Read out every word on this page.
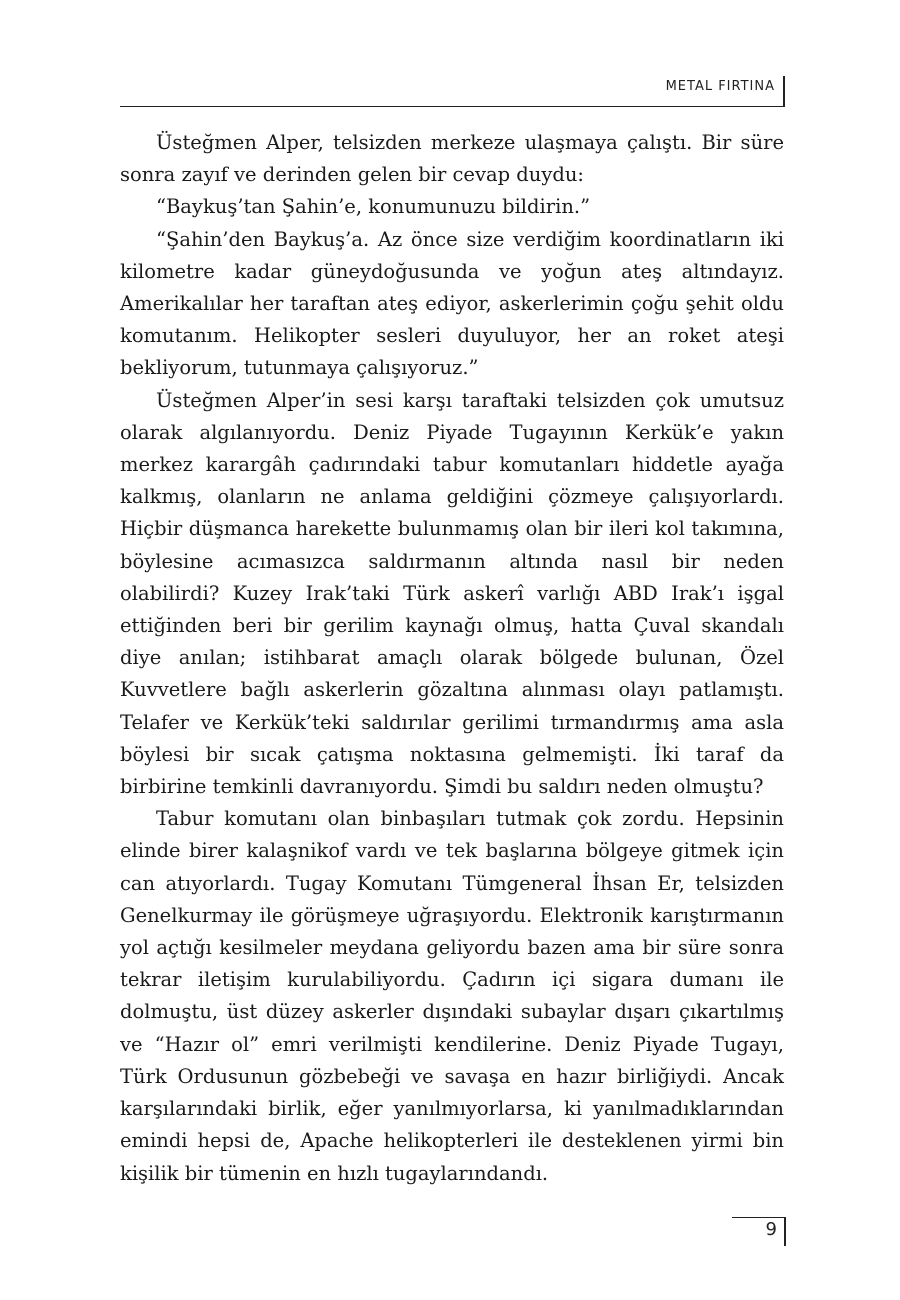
METAL FIRTINA

Üsteğmen Alper, telsizden merkeze ulaşmaya çalıştı. Bir süre sonra zayıf ve derinden gelen bir cevap duydu:

“Baykuş’tan Şahin’e, konumunuzu bildirin.”

“Şahin’den Baykuş’a. Az önce size verdiğim koordinatların iki kilometre kadar güneydoğusunda ve yoğun ateş altındayız. Amerikalılar her taraftan ateş ediyor, askerlerimin çoğu şehit oldu komutanım. Helikopter sesleri duyuluyor, her an roket ateşi bekliyorum, tutunmaya çalışıyoruz.”

Üsteğmen Alper’in sesi karşı taraftaki telsizden çok umutsuz olarak algılanıyordu. Deniz Piyade Tugayının Kerkük’e yakın merkez karargâh çadırındaki tabur komutanları hiddetle ayağa kalkmış, olanların ne anlama geldiğini çözmeye çalışıyorlardı. Hiçbir düşmanca harekette bulunmamış olan bir ileri kol takımına, böylesine acımasızca saldırmanın altında nasıl bir neden olabilirdi? Kuzey Irak’taki Türk askerî varlığı ABD Irak’ı işgal ettiğinden beri bir gerilim kaynağı olmuş, hatta Çuval skandalı diye anılan; istihbarat amaçlı olarak bölgede bulunan, Özel Kuvvetlere bağlı askerlerin gözaltına alınması olayı patlamıştı. Telafer ve Kerkük’teki saldırılar gerilimi tırmandırmış ama asla böylesi bir sıcak çatışma noktasına gelmemişti. İki taraf da birbirine temkinli davranıyordu. Şimdi bu saldırı neden olmuştu?

Tabur komutanı olan binbaşıları tutmak çok zordu. Hepsinin elinde birer kalaşnikof vardı ve tek başlarına bölgeye gitmek için can atıyorlardı. Tugay Komutanı Tümgeneral İhsan Er, telsizden Genelkurmay ile görüşmeye uğraşıyordu. Elektronik karıştırmanın yol açtığı kesilmeler meydana geliyordu bazen ama bir süre sonra tekrar iletişim kurulabiliyordu. Çadırın içi sigara dumanı ile dolmuştu, üst düzey askerler dışındaki subaylar dışarı çıkartılmış ve “Hazır ol” emri verilmişti kendilerine. Deniz Piyade Tugayı, Türk Ordusunun gözbebeği ve savaşa en hazır birliğiydi. Ancak karşılarındaki birlik, eğer yanılmıyorlarsa, ki yanılmadıklarından emindi hepsi de, Apache helikopterleri ile desteklenen yirmi bin kişilik bir tümenin en hızlı tugaylarındandı.

9
